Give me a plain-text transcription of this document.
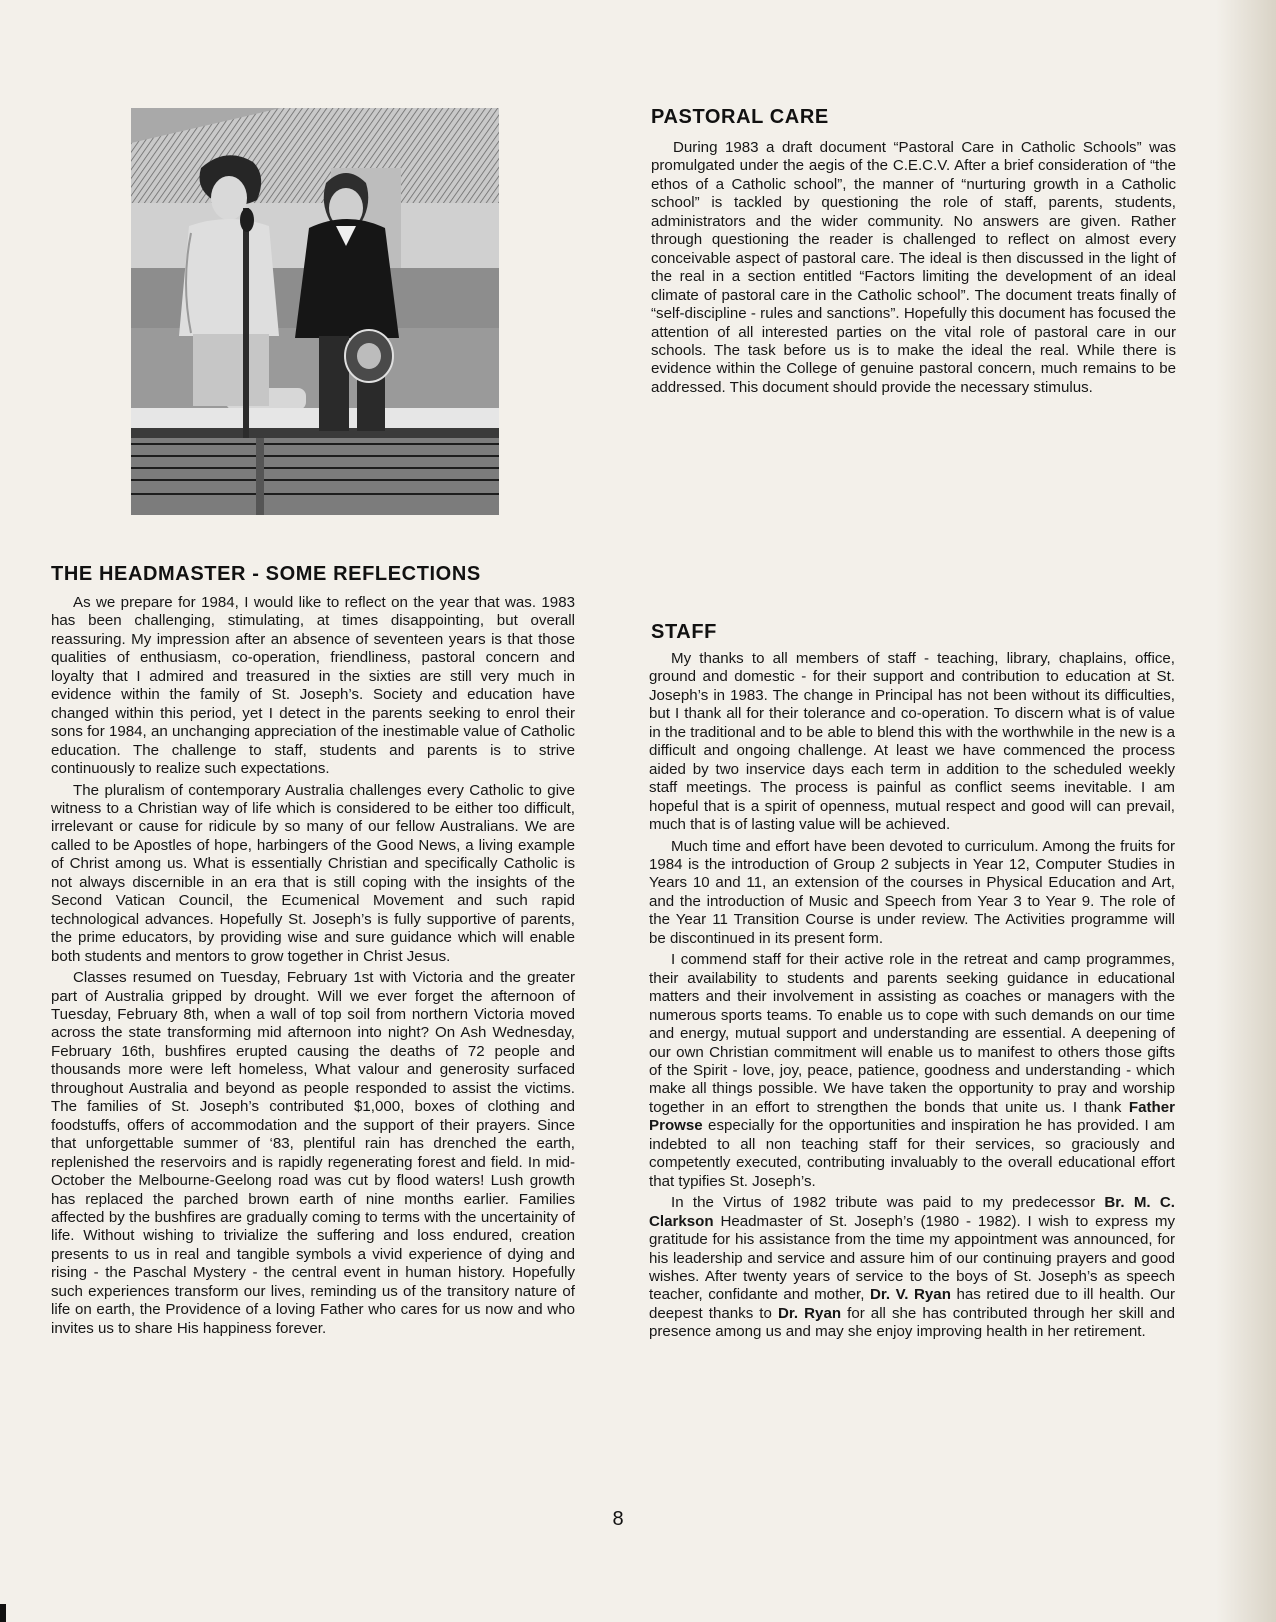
PASTORAL CARE

During 1983 a draft document “Pastoral Care in Catholic Schools” was promulgated under the aegis of the C.E.C.V. After a brief consideration of “the ethos of a Catholic school”, the manner of “nurturing growth in a Catholic school” is tackled by questioning the role of staff, parents, students, administrators and the wider community. No answers are given. Rather through questioning the reader is challenged to reflect on almost every conceivable aspect of pastoral care. The ideal is then discussed in the light of the real in a section entitled “Factors limiting the development of an ideal climate of pastoral care in the Catholic school”. The document treats finally of “self-discipline - rules and sanctions”. Hopefully this document has focused the attention of all interested parties on the vital role of pastoral care in our schools. The task before us is to make the ideal the real. While there is evidence within the College of genuine pastoral concern, much remains to be addressed. This document should provide the necessary stimulus.

THE HEADMASTER - SOME REFLECTIONS

As we prepare for 1984, I would like to reflect on the year that was. 1983 has been challenging, stimulating, at times disappointing, but overall reassuring. My impression after an absence of seventeen years is that those qualities of enthusiasm, co-operation, friendliness, pastoral concern and loyalty that I admired and treasured in the sixties are still very much in evidence within the family of St. Joseph’s. Society and education have changed within this period, yet I detect in the parents seeking to enrol their sons for 1984, an unchanging appreciation of the inestimable value of Catholic education. The challenge to staff, students and parents is to strive continuously to realize such expectations.

The pluralism of contemporary Australia challenges every Catholic to give witness to a Christian way of life which is considered to be either too difficult, irrelevant or cause for ridicule by so many of our fellow Australians. We are called to be Apostles of hope, harbingers of the Good News, a living example of Christ among us. What is essentially Christian and specifically Catholic is not always discernible in an era that is still coping with the insights of the Second Vatican Council, the Ecumenical Movement and such rapid technological advances. Hopefully St. Joseph’s is fully supportive of parents, the prime educators, by providing wise and sure guidance which will enable both students and mentors to grow together in Christ Jesus.

Classes resumed on Tuesday, February 1st with Victoria and the greater part of Australia gripped by drought. Will we ever forget the afternoon of Tuesday, February 8th, when a wall of top soil from northern Victoria moved across the state transforming mid afternoon into night? On Ash Wednesday, February 16th, bushfires erupted causing the deaths of 72 people and thousands more were left homeless, What valour and generosity surfaced throughout Australia and beyond as people responded to assist the victims. The families of St. Joseph’s contributed $1,000, boxes of clothing and foodstuffs, offers of accommodation and the support of their prayers. Since that unforgettable summer of ‘83, plentiful rain has drenched the earth, replenished the reservoirs and is rapidly regenerating forest and field. In mid-October the Melbourne-Geelong road was cut by flood waters! Lush growth has replaced the parched brown earth of nine months earlier. Families affected by the bushfires are gradually coming to terms with the uncertainity of life. Without wishing to trivialize the suffering and loss endured, creation presents to us in real and tangible symbols a vivid experience of dying and rising - the Paschal Mystery - the central event in human history. Hopefully such experiences transform our lives, reminding us of the transitory nature of life on earth, the Providence of a loving Father who cares for us now and who invites us to share His happiness forever.

STAFF

My thanks to all members of staff - teaching, library, chaplains, office, ground and domestic - for their support and contribution to education at St. Joseph’s in 1983. The change in Principal has not been without its difficulties, but I thank all for their tolerance and co-operation. To discern what is of value in the traditional and to be able to blend this with the worthwhile in the new is a difficult and ongoing challenge. At least we have commenced the process aided by two inservice days each term in addition to the scheduled weekly staff meetings. The process is painful as conflict seems inevitable. I am hopeful that is a spirit of openness, mutual respect and good will can prevail, much that is of lasting value will be achieved.

Much time and effort have been devoted to curriculum. Among the fruits for 1984 is the introduction of Group 2 subjects in Year 12, Computer Studies in Years 10 and 11, an extension of the courses in Physical Education and Art, and the introduction of Music and Speech from Year 3 to Year 9. The role of the Year 11 Transition Course is under review. The Activities programme will be discontinued in its present form.

I commend staff for their active role in the retreat and camp programmes, their availability to students and parents seeking guidance in educational matters and their involvement in assisting as coaches or managers with the numerous sports teams. To enable us to cope with such demands on our time and energy, mutual support and understanding are essential. A deepening of our own Christian commitment will enable us to manifest to others those gifts of the Spirit - love, joy, peace, patience, goodness and understanding - which make all things possible. We have taken the opportunity to pray and worship together in an effort to strengthen the bonds that unite us. I thank Father Prowse especially for the opportunities and inspiration he has provided. I am indebted to all non teaching staff for their services, so graciously and competently executed, contributing invaluably to the overall educational effort that typifies St. Joseph’s.

In the Virtus of 1982 tribute was paid to my predecessor Br. M. C. Clarkson Headmaster of St. Joseph’s (1980 - 1982). I wish to express my gratitude for his assistance from the time my appointment was announced, for his leadership and service and assure him of our continuing prayers and good wishes. After twenty years of service to the boys of St. Joseph’s as speech teacher, confidante and mother, Dr. V. Ryan has retired due to ill health. Our deepest thanks to Dr. Ryan for all she has contributed through her skill and presence among us and may she enjoy improving health in her retirement.

8
